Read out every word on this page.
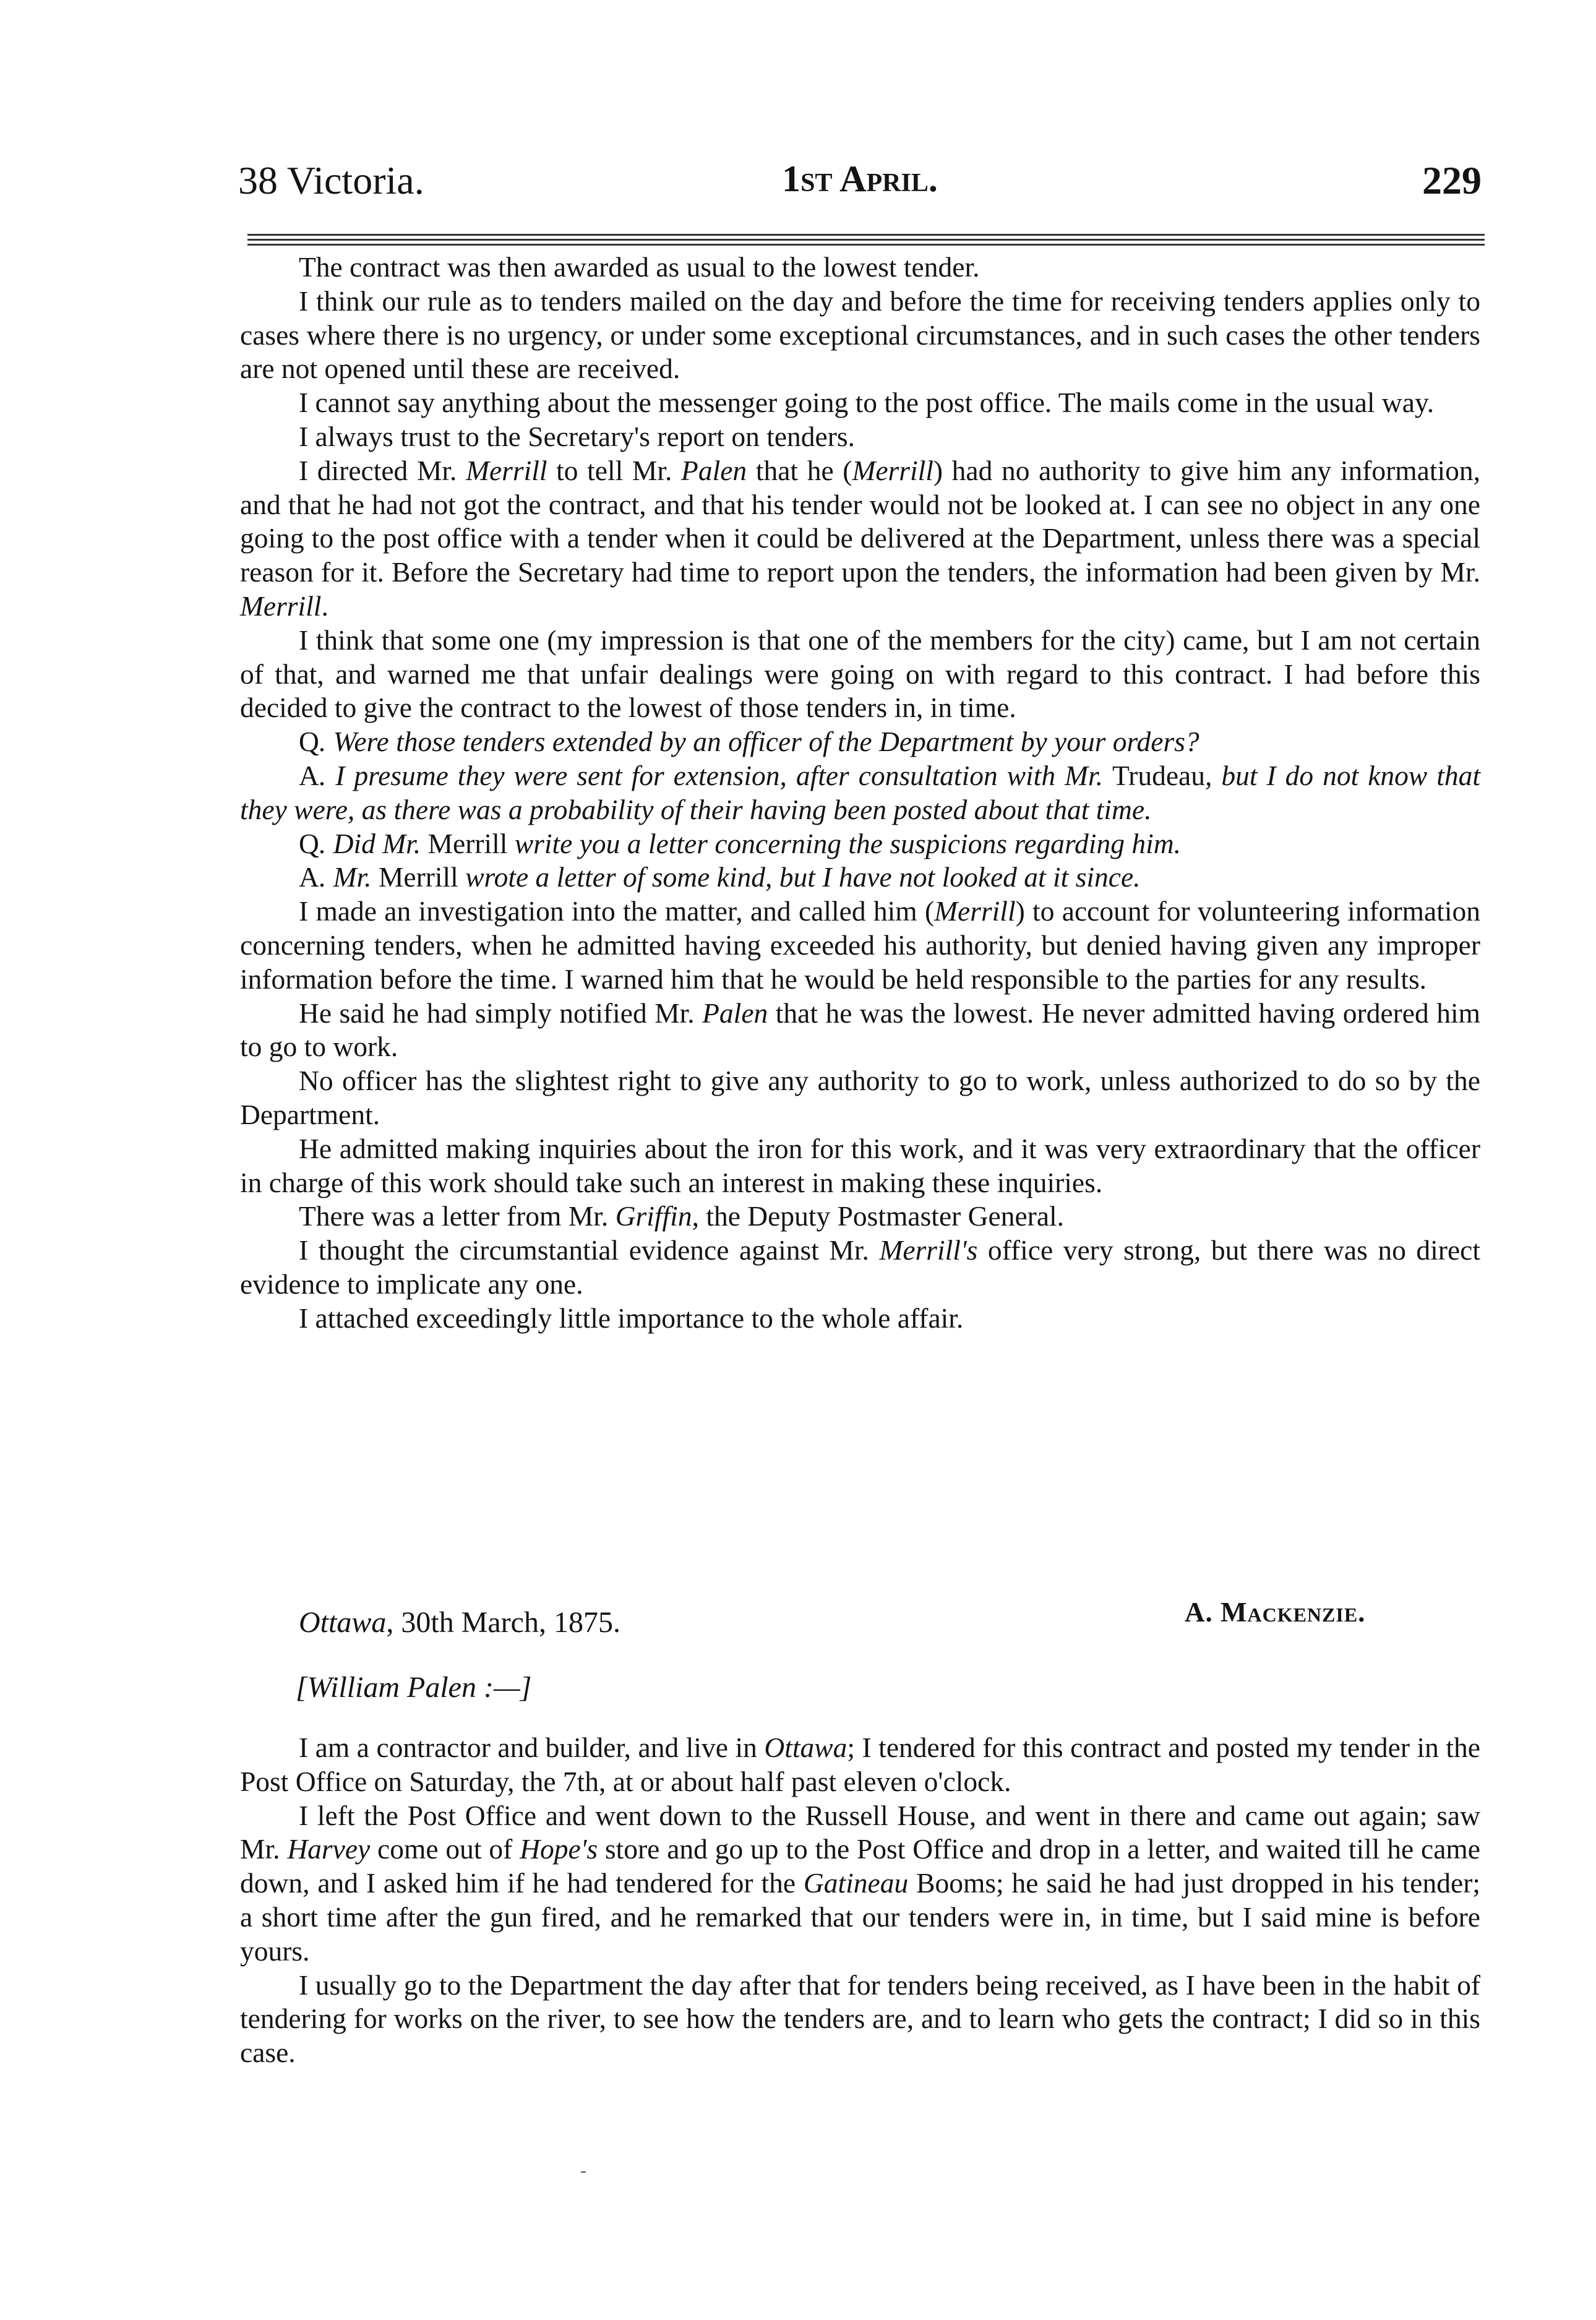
38 Victoria.	1st April.	229

The contract was then awarded as usual to the lowest tender.

I think our rule as to tenders mailed on the day and before the time for receiving tenders applies only to cases where there is no urgency, or under some exceptional circumstances, and in such cases the other tenders are not opened until these are received.

I cannot say anything about the messenger going to the post office. The mails come in the usual way.

I always trust to the Secretary's report on tenders.

I directed Mr. Merrill to tell Mr. Palen that he (Merrill) had no authority to give him any information, and that he had not got the contract, and that his tender would not be looked at. I can see no object in any one going to the post office with a tender when it could be delivered at the Department, unless there was a special reason for it. Before the Secretary had time to report upon the tenders, the information had been given by Mr. Merrill.

I think that some one (my impression is that one of the members for the city) came, but I am not certain of that, and warned me that unfair dealings were going on with regard to this contract. I had before this decided to give the contract to the lowest of those tenders in, in time.

Q. Were those tenders extended by an officer of the Department by your orders?

A. I presume they were sent for extension, after consultation with Mr. Trudeau, but I do not know that they were, as there was a probability of their having been posted about that time.

Q. Did Mr. Merrill write you a letter concerning the suspicions regarding him.

A. Mr. Merrill wrote a letter of some kind, but I have not looked at it since.

I made an investigation into the matter, and called him (Merrill) to account for volunteering information concerning tenders, when he admitted having exceeded his authority, but denied having given any improper information before the time. I warned him that he would be held responsible to the parties for any results.

He said he had simply notified Mr. Palen that he was the lowest. He never admitted having ordered him to go to work.

No officer has the slightest right to give any authority to go to work, unless authorized to do so by the Department.

He admitted making inquiries about the iron for this work, and it was very extraordinary that the officer in charge of this work should take such an interest in making these inquiries.

There was a letter from Mr. Griffin, the Deputy Postmaster General.

I thought the circumstantial evidence against Mr. Merrill's office very strong, but there was no direct evidence to implicate any one.

I attached exceedingly little importance to the whole affair.

Ottawa, 30th March, 1875.	A. Mackenzie.
[William Palen :—]

I am a contractor and builder, and live in Ottawa; I tendered for this contract and posted my tender in the Post Office on Saturday, the 7th, at or about half past eleven o'clock.

I left the Post Office and went down to the Russell House, and went in there and came out again; saw Mr. Harvey come out of Hope's store and go up to the Post Office and drop in a letter, and waited till he came down, and I asked him if he had tendered for the Gatineau Booms; he said he had just dropped in his tender; a short time after the gun fired, and he remarked that our tenders were in, in time, but I said mine is before yours.

I usually go to the Department the day after that for tenders being received, as I have been in the habit of tendering for works on the river, to see how the tenders are, and to learn who gets the contract; I did so in this case.

-
